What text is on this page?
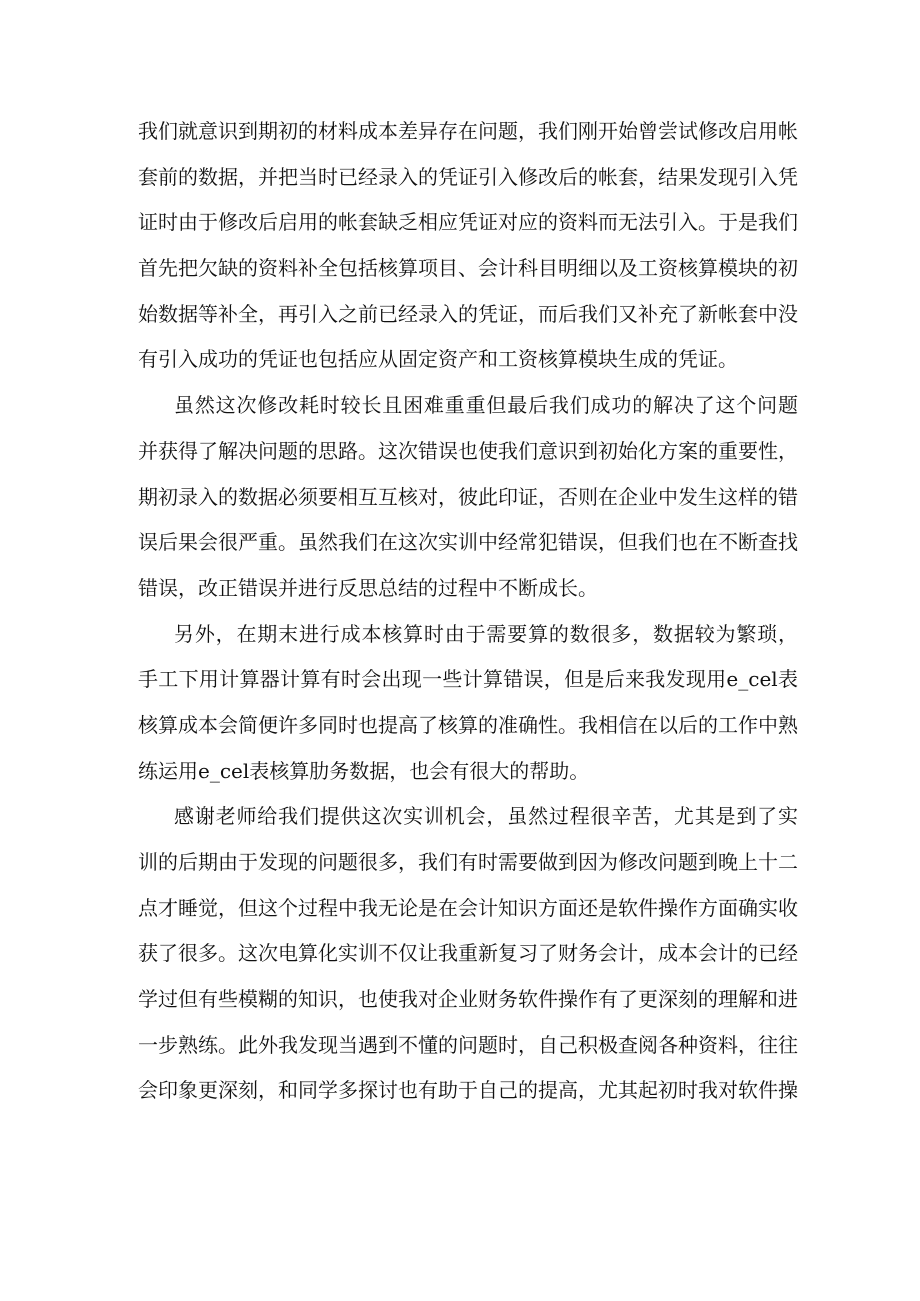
我们就意识到期初的材料成本差异存在问题，我们刚开始曾尝试修改启用帐
套前的数据，并把当时已经录入的凭证引入修改后的帐套，结果发现引入凭
证时由于修改后启用的帐套缺乏相应凭证对应的资料而无法引入。于是我们
首先把欠缺的资料补全包括核算项目、会计科目明细以及工资核算模块的初
始数据等补全，再引入之前已经录入的凭证，而后我们又补充了新帐套中没
有引入成功的凭证也包括应从固定资产和工资核算模块生成的凭证。
虽然这次修改耗时较长且困难重重但最后我们成功的解决了这个问题
并获得了解决问题的思路。这次错误也使我们意识到初始化方案的重要性，
期初录入的数据必须要相互互核对，彼此印证，否则在企业中发生这样的错
误后果会很严重。虽然我们在这次实训中经常犯错误，但我们也在不断查找
错误，改正错误并进行反思总结的过程中不断成长。
另外，在期末进行成本核算时由于需要算的数很多，数据较为繁琐，
手工下用计算器计算有时会出现一些计算错误，但是后来我发现用e_cel表
核算成本会简便许多同时也提高了核算的准确性。我相信在以后的工作中熟
练运用e_cel表核算肋务数据，也会有很大的帮助。
感谢老师给我们提供这次实训机会，虽然过程很辛苦，尤其是到了实
训的后期由于发现的问题很多，我们有时需要做到因为修改问题到晚上十二
点才睡觉，但这个过程中我无论是在会计知识方面还是软件操作方面确实收
获了很多。这次电算化实训不仅让我重新复习了财务会计，成本会计的已经
学过但有些模糊的知识，也使我对企业财务软件操作有了更深刻的理解和进
一步熟练。此外我发现当遇到不懂的问题时，自己积极查阅各种资料，往往
会印象更深刻，和同学多探讨也有助于自己的提高，尤其起初时我对软件操
